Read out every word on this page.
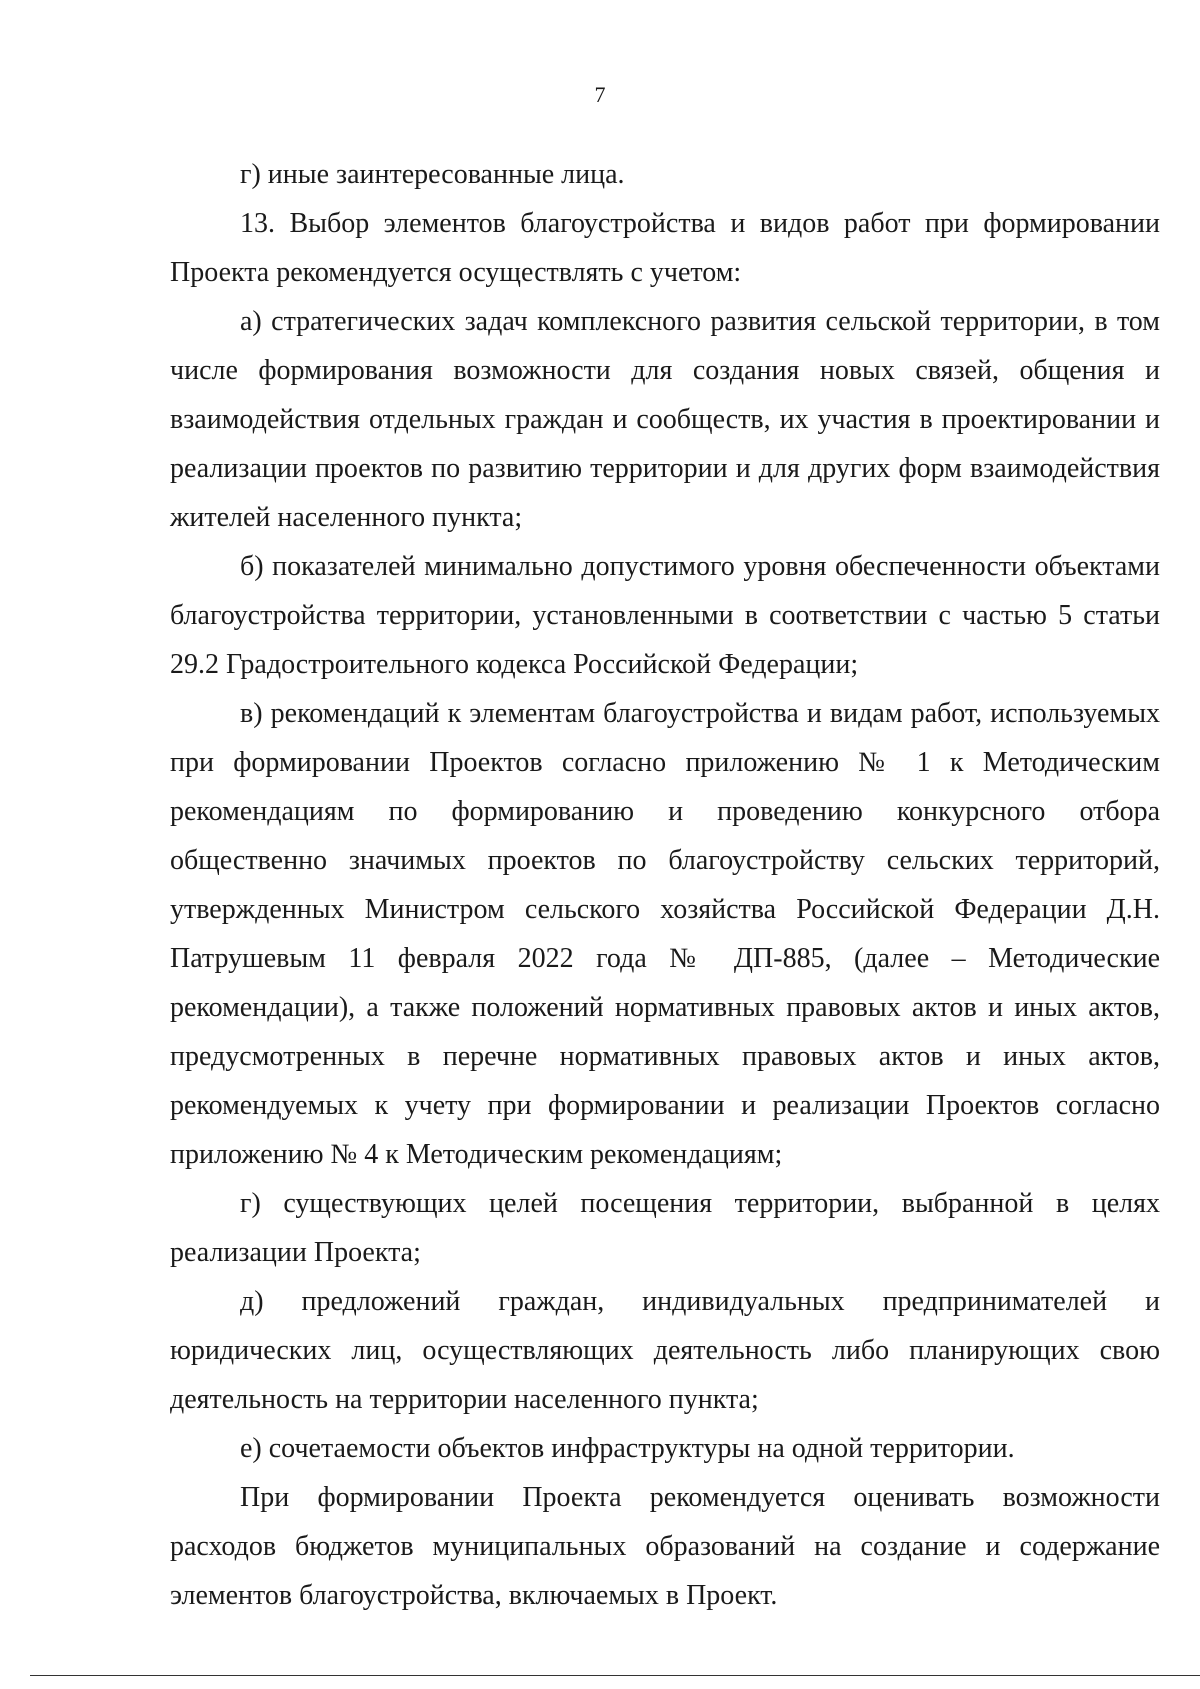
7

г) иные заинтересованные лица.

13. Выбор элементов благоустройства и видов работ при формировании Проекта рекомендуется осуществлять с учетом:

а) стратегических задач комплексного развития сельской территории, в том числе формирования возможности для создания новых связей, общения и взаимодействия отдельных граждан и сообществ, их участия в проектировании и реализации проектов по развитию территории и для других форм взаимодействия жителей населенного пункта;

б) показателей минимально допустимого уровня обеспеченности объектами благоустройства территории, установленными в соответствии с частью 5 статьи 29.2 Градостроительного кодекса Российской Федерации;

в) рекомендаций к элементам благоустройства и видам работ, используемых при формировании Проектов согласно приложению № 1 к Методическим рекомендациям по формированию и проведению конкурсного отбора общественно значимых проектов по благоустройству сельских территорий, утвержденных Министром сельского хозяйства Российской Федерации Д.Н. Патрушевым 11 февраля 2022 года № ДП-885, (далее – Методические рекомендации), а также положений нормативных правовых актов и иных актов, предусмотренных в перечне нормативных правовых актов и иных актов, рекомендуемых к учету при формировании и реализации Проектов согласно приложению № 4 к Методическим рекомендациям;

г) существующих целей посещения территории, выбранной в целях реализации Проекта;

д) предложений граждан, индивидуальных предпринимателей и юридических лиц, осуществляющих деятельность либо планирующих свою деятельность на территории населенного пункта;

е) сочетаемости объектов инфраструктуры на одной территории.

При формировании Проекта рекомендуется оценивать возможности расходов бюджетов муниципальных образований на создание и содержание элементов благоустройства, включаемых в Проект.
